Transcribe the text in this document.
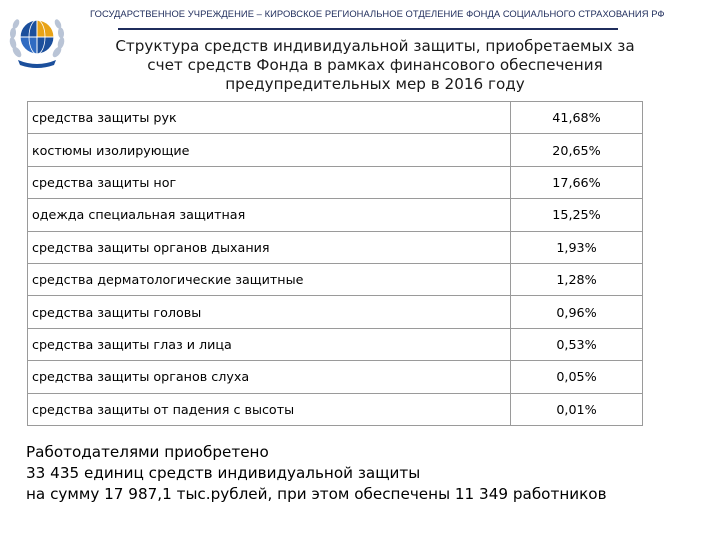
ГОСУДАРСТВЕННОЕ УЧРЕЖДЕНИЕ – КИРОВСКОЕ РЕГИОНАЛЬНОЕ ОТДЕЛЕНИЕ ФОНДА СОЦИАЛЬНОГО СТРАХОВАНИЯ РФ
Структура средств индивидуальной защиты, приобретаемых за
счет средств Фонда в рамках финансового обеспечения
предупредительных мер в 2016 году
средства защиты рук	41,68%
костюмы изолирующие	20,65%
средства защиты ног	17,66%
одежда специальная защитная	15,25%
средства защиты органов дыхания	1,93%
средства дерматологические защитные	1,28%
средства защиты головы	0,96%
средства защиты глаз и лица	0,53%
средства защиты органов слуха	0,05%
средства защиты от падения с высоты	0,01%
Работодателями приобретено
33 435 единиц средств индивидуальной защиты
на сумму 17 987,1 тыс.рублей, при этом обеспечены 11 349 работников
